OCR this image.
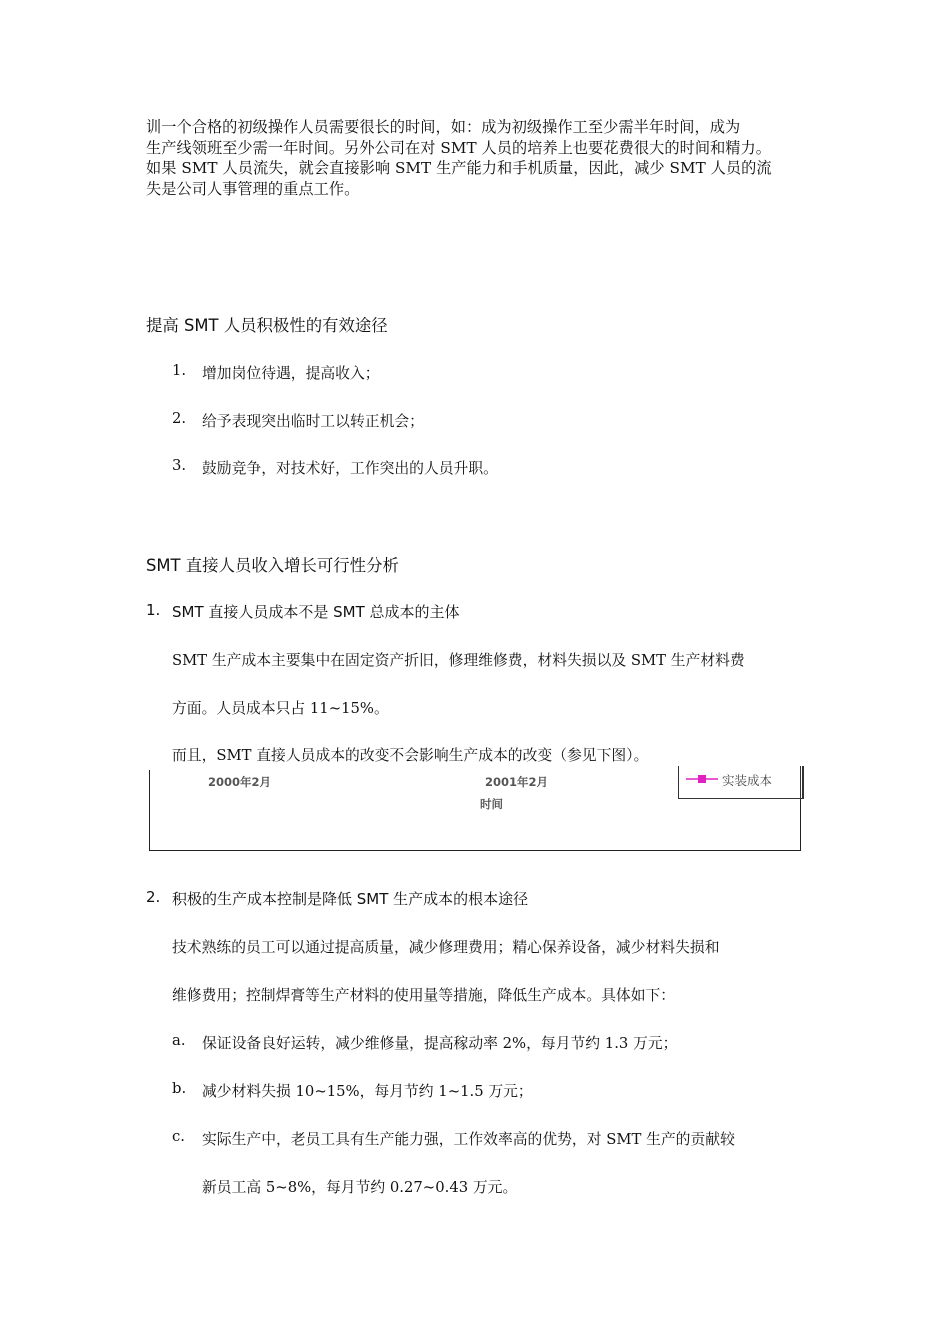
训一个合格的初级操作人员需要很长的时间，如：成为初级操作工至少需半年时间，成为
生产线领班至少需一年时间。另外公司在对 SMT 人员的培养上也要花费很大的时间和精力。
如果 SMT 人员流失，就会直接影响 SMT 生产能力和手机质量，因此，减少 SMT 人员的流
失是公司人事管理的重点工作。
提高 SMT 人员积极性的有效途径
1. 增加岗位待遇，提高收入；
2. 给予表现突出临时工以转正机会；
3. 鼓励竞争，对技术好，工作突出的人员升职。
SMT 直接人员收入增长可行性分析
1. SMT 直接人员成本不是 SMT 总成本的主体
SMT 生产成本主要集中在固定资产折旧，修理维修费，材料失损以及 SMT 生产材料费
方面。人员成本只占 11~15%。
而且，SMT 直接人员成本的改变不会影响生产成本的改变（参见下图）。
2000年2月	2001年2月
时间
实装成本
2. 积极的生产成本控制是降低 SMT 生产成本的根本途径
技术熟练的员工可以通过提高质量，减少修理费用；精心保养设备，减少材料失损和
维修费用；控制焊膏等生产材料的使用量等措施，降低生产成本。具体如下：
a. 保证设备良好运转，减少维修量，提高稼动率 2%，每月节约 1.3 万元；
b. 减少材料失损 10~15%，每月节约 1~1.5 万元；
c. 实际生产中，老员工具有生产能力强，工作效率高的优势，对 SMT 生产的贡献较
新员工高 5~8%，每月节约 0.27~0.43 万元。
